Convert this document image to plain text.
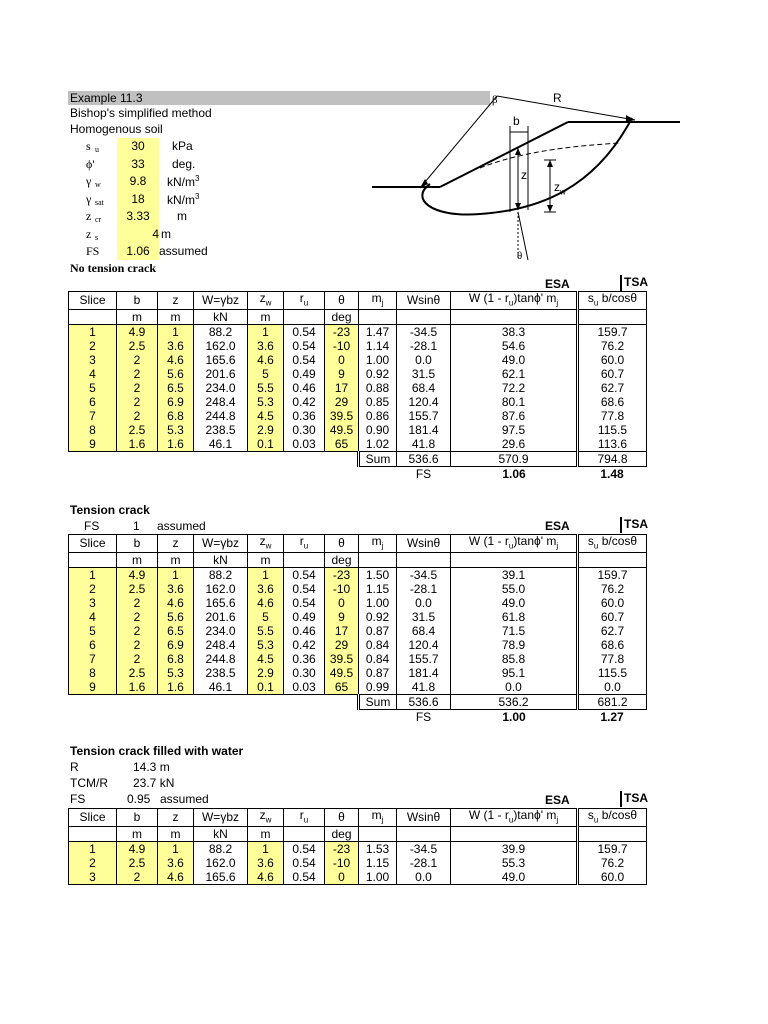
Example 11.3
Bishop's simplified method
Homogenous soil
s u	30	kPa
ϕ'	33	deg.
γ w	9.8	$kN/m^3$
γ sat	18	$kN/m^3$
z cr	3.33	m
z s	4 m
FS	1.06 assumed
β	R
b
z
$z_w$
θ
No tension crack
ESA	TSA
Slice	b	z	W=γbz	$z_w$	$r_u$	θ	$m_j$	Wsinθ	W $(1 - r_u)\tan\phi'$ $m_j$	$s_u$ b/cosθ
	m	m	kN	m		deg				
1	4.9	1	88.2	1	0.54	-23	1.47	-34.5	38.3	159.7
2	2.5	3.6	162.0	3.6	0.54	-10	1.14	-28.1	54.6	76.2
3	2	4.6	165.6	4.6	0.54	0	1.00	0.0	49.0	60.0
4	2	5.6	201.6	5	0.49	9	0.92	31.5	62.1	60.7
5	2	6.5	234.0	5.5	0.46	17	0.88	68.4	72.2	62.7
6	2	6.9	248.4	5.3	0.42	29	0.85	120.4	80.1	68.6
7	2	6.8	244.8	4.5	0.36	39.5	0.86	155.7	87.6	77.8
8	2.5	5.3	238.5	2.9	0.30	49.5	0.90	181.4	97.5	115.5
9	1.6	1.6	46.1	0.1	0.03	65	1.02	41.8	29.6	113.6
							Sum	536.6	570.9	794.8
								FS	1.06	1.48
Tension crack
FS	1 assumed	ESA	TSA
Slice	b	z	W=γbz	$z_w$	$r_u$	θ	$m_j$	Wsinθ	W $(1 - r_u)\tan\phi'$ $m_j$	$s_u$ b/cosθ
	m	m	kN	m		deg				
1	4.9	1	88.2	1	0.54	-23	1.50	-34.5	39.1	159.7
2	2.5	3.6	162.0	3.6	0.54	-10	1.15	-28.1	55.0	76.2
3	2	4.6	165.6	4.6	0.54	0	1.00	0.0	49.0	60.0
4	2	5.6	201.6	5	0.49	9	0.92	31.5	61.8	60.7
5	2	6.5	234.0	5.5	0.46	17	0.87	68.4	71.5	62.7
6	2	6.9	248.4	5.3	0.42	29	0.84	120.4	78.9	68.6
7	2	6.8	244.8	4.5	0.36	39.5	0.84	155.7	85.8	77.8
8	2.5	5.3	238.5	2.9	0.30	49.5	0.87	181.4	95.1	115.5
9	1.6	1.6	46.1	0.1	0.03	65	0.99	41.8	0.0	0.0
							Sum	536.6	536.2	681.2
								FS	1.00	1.27
Tension crack filled with water
R	14.3 m
TCM/R 23.7 kN
FS	0.95 assumed	ESA	TSA
Slice	b	z	W=γbz	$z_w$	$r_u$	θ	$m_j$	Wsinθ	W $(1 - r_u)\tan\phi'$ $m_j$	$s_u$ b/cosθ
	m	m	kN	m		deg				
1	4.9	1	88.2	1	0.54	-23	1.53	-34.5	39.9	159.7
2	2.5	3.6	162.0	3.6	0.54	-10	1.15	-28.1	55.3	76.2
3	2	4.6	165.6	4.6	0.54	0	1.00	0.0	49.0	60.0
